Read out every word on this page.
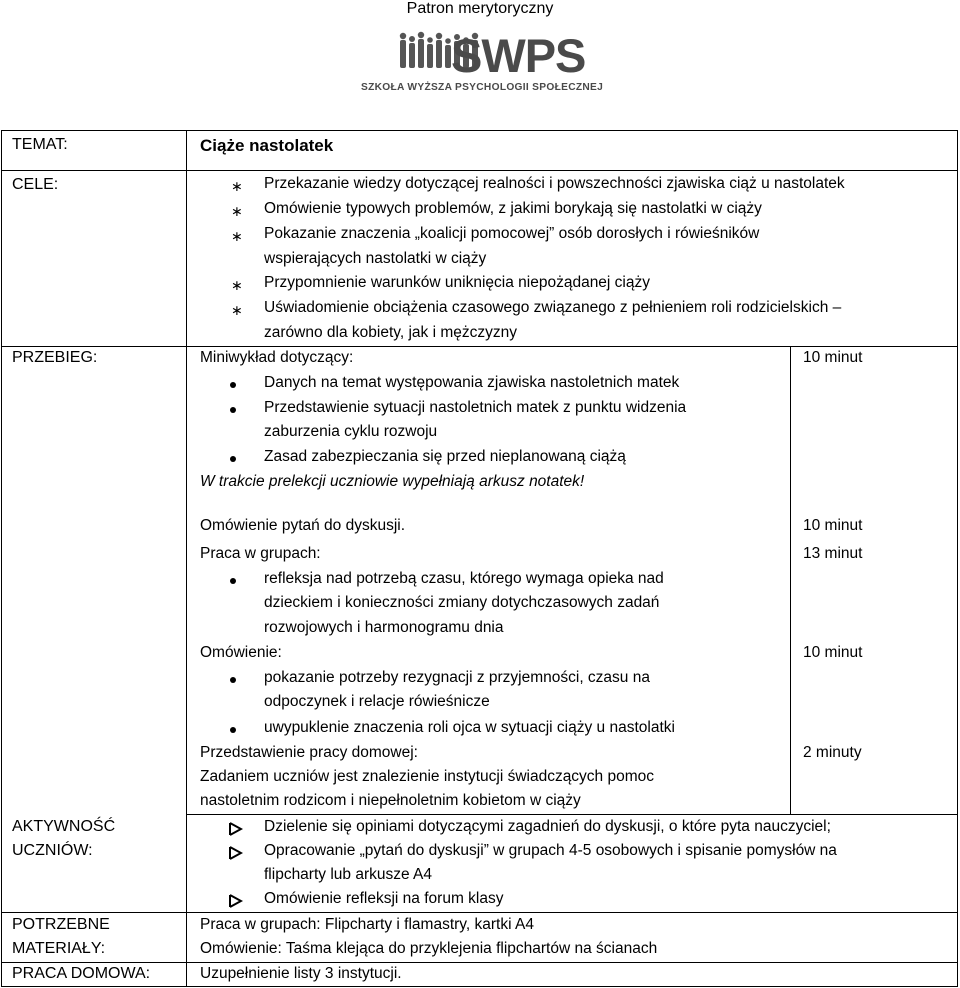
Patron merytoryczny
SWPS
SZKOŁA WYŻSZA PSYCHOLOGII SPOŁECZNEJ
TEMAT:	Ciąże nastolatek
CELE:	∗ Przekazanie wiedzy dotyczącej realności i powszechności zjawiska ciąż u nastolatek
∗ Omówienie typowych problemów, z jakimi borykają się nastolatki w ciąży
∗ Pokazanie znaczenia „koalicji pomocowej” osób dorosłych i rówieśników
wspierających nastolatki w ciąży
∗ Przypomnienie warunków uniknięcia niepożądanej ciąży
∗ Uświadomienie obciążenia czasowego związanego z pełnieniem roli rodzicielskich –
zarówno dla kobiety, jak i mężczyzny
PRZEBIEG:	Miniwykład dotyczący:	10 minut
Danych na temat występowania zjawiska nastoletnich matek
Przedstawienie sytuacji nastoletnich matek z punktu widzenia
zaburzenia cyklu rozwoju
Zasad zabezpieczania się przed nieplanowaną ciążą
W trakcie prelekcji uczniowie wypełniają arkusz notatek!
Omówienie pytań do dyskusji.	10 minut
Praca w grupach:	13 minut
refleksja nad potrzebą czasu, którego wymaga opieka nad
dzieckiem i konieczności zmiany dotychczasowych zadań
rozwojowych i harmonogramu dnia
Omówienie:	10 minut
pokazanie potrzeby rezygnacji z przyjemności, czasu na
odpoczynek i relacje rówieśnicze
uwypuklenie znaczenia roli ojca w sytuacji ciąży u nastolatki
Przedstawienie pracy domowej:	2 minuty
Zadaniem uczniów jest znalezienie instytucji świadczących pomoc
nastoletnim rodzicom i niepełnoletnim kobietom w ciąży
AKTYWNOŚĆ
UCZNIÓW:
Dzielenie się opiniami dotyczącymi zagadnień do dyskusji, o które pyta nauczyciel;
Opracowanie „pytań do dyskusji” w grupach 4-5 osobowych i spisanie pomysłów na
flipcharty lub arkusze A4
Omówienie refleksji na forum klasy
POTRZEBNE
MATERIAŁY:
Praca w grupach: Flipcharty i flamastry, kartki A4
Omówienie: Taśma klejąca do przyklejenia flipchartów na ścianach
PRACA DOMOWA:	Uzupełnienie listy 3 instytucji.
